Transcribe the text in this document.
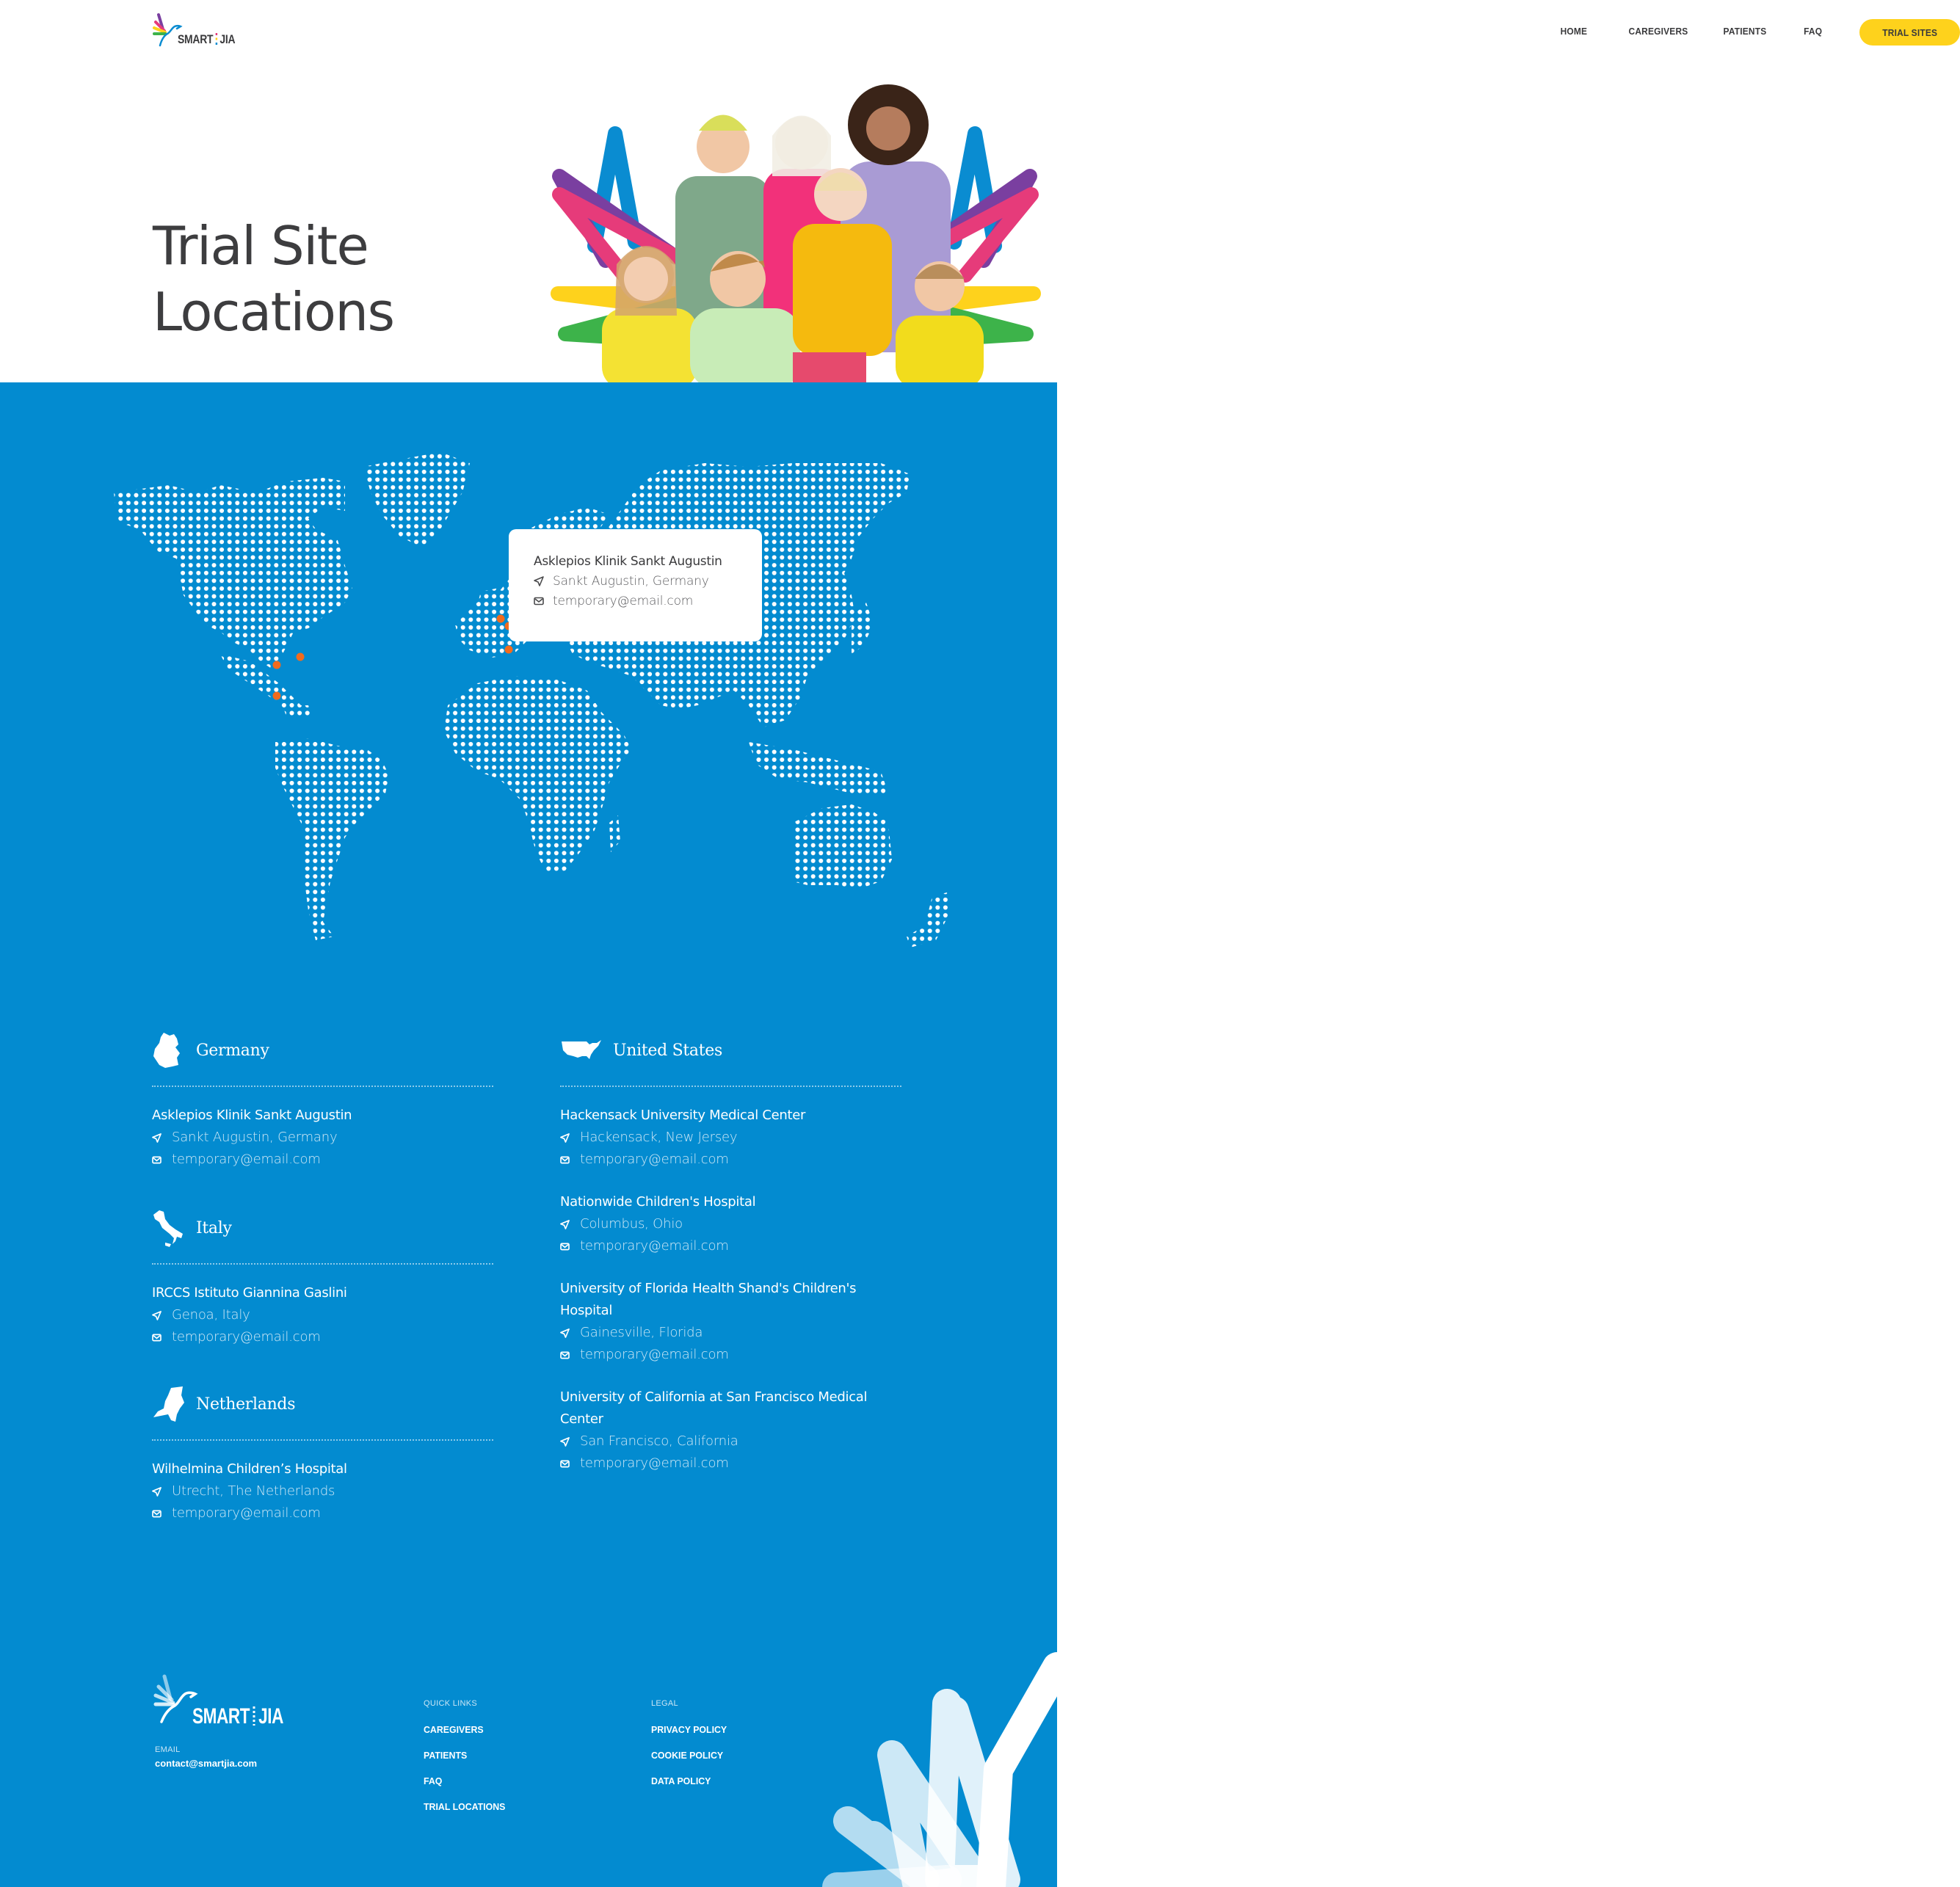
SMART JIA
HOME	CAREGIVERS	PATIENTS	FAQ	TRIAL SITES
Trial Site
Locations
Asklepios Klinik Sankt Augustin
Sankt Augustin, Germany
temporary@email.com
Germany
Asklepios Klinik Sankt Augustin
Sankt Augustin, Germany
temporary@email.com
Italy
IRCCS Istituto Giannina Gaslini
Genoa, Italy
temporary@email.com
Netherlands
Wilhelmina Children’s Hospital
Utrecht, The Netherlands
temporary@email.com
United States
Hackensack University Medical Center
Hackensack, New Jersey
temporary@email.com
Nationwide Children's Hospital
Columbus, Ohio
temporary@email.com
University of Florida Health Shand's Children's Hospital
Gainesville, Florida
temporary@email.com
University of California at San Francisco Medical Center
San Francisco, California
temporary@email.com
SMART JIA
EMAIL
contact@smartjia.com
QUICK LINKS
CAREGIVERS
PATIENTS
FAQ
TRIAL LOCATIONS
LEGAL
PRIVACY POLICY
COOKIE POLICY
DATA POLICY
